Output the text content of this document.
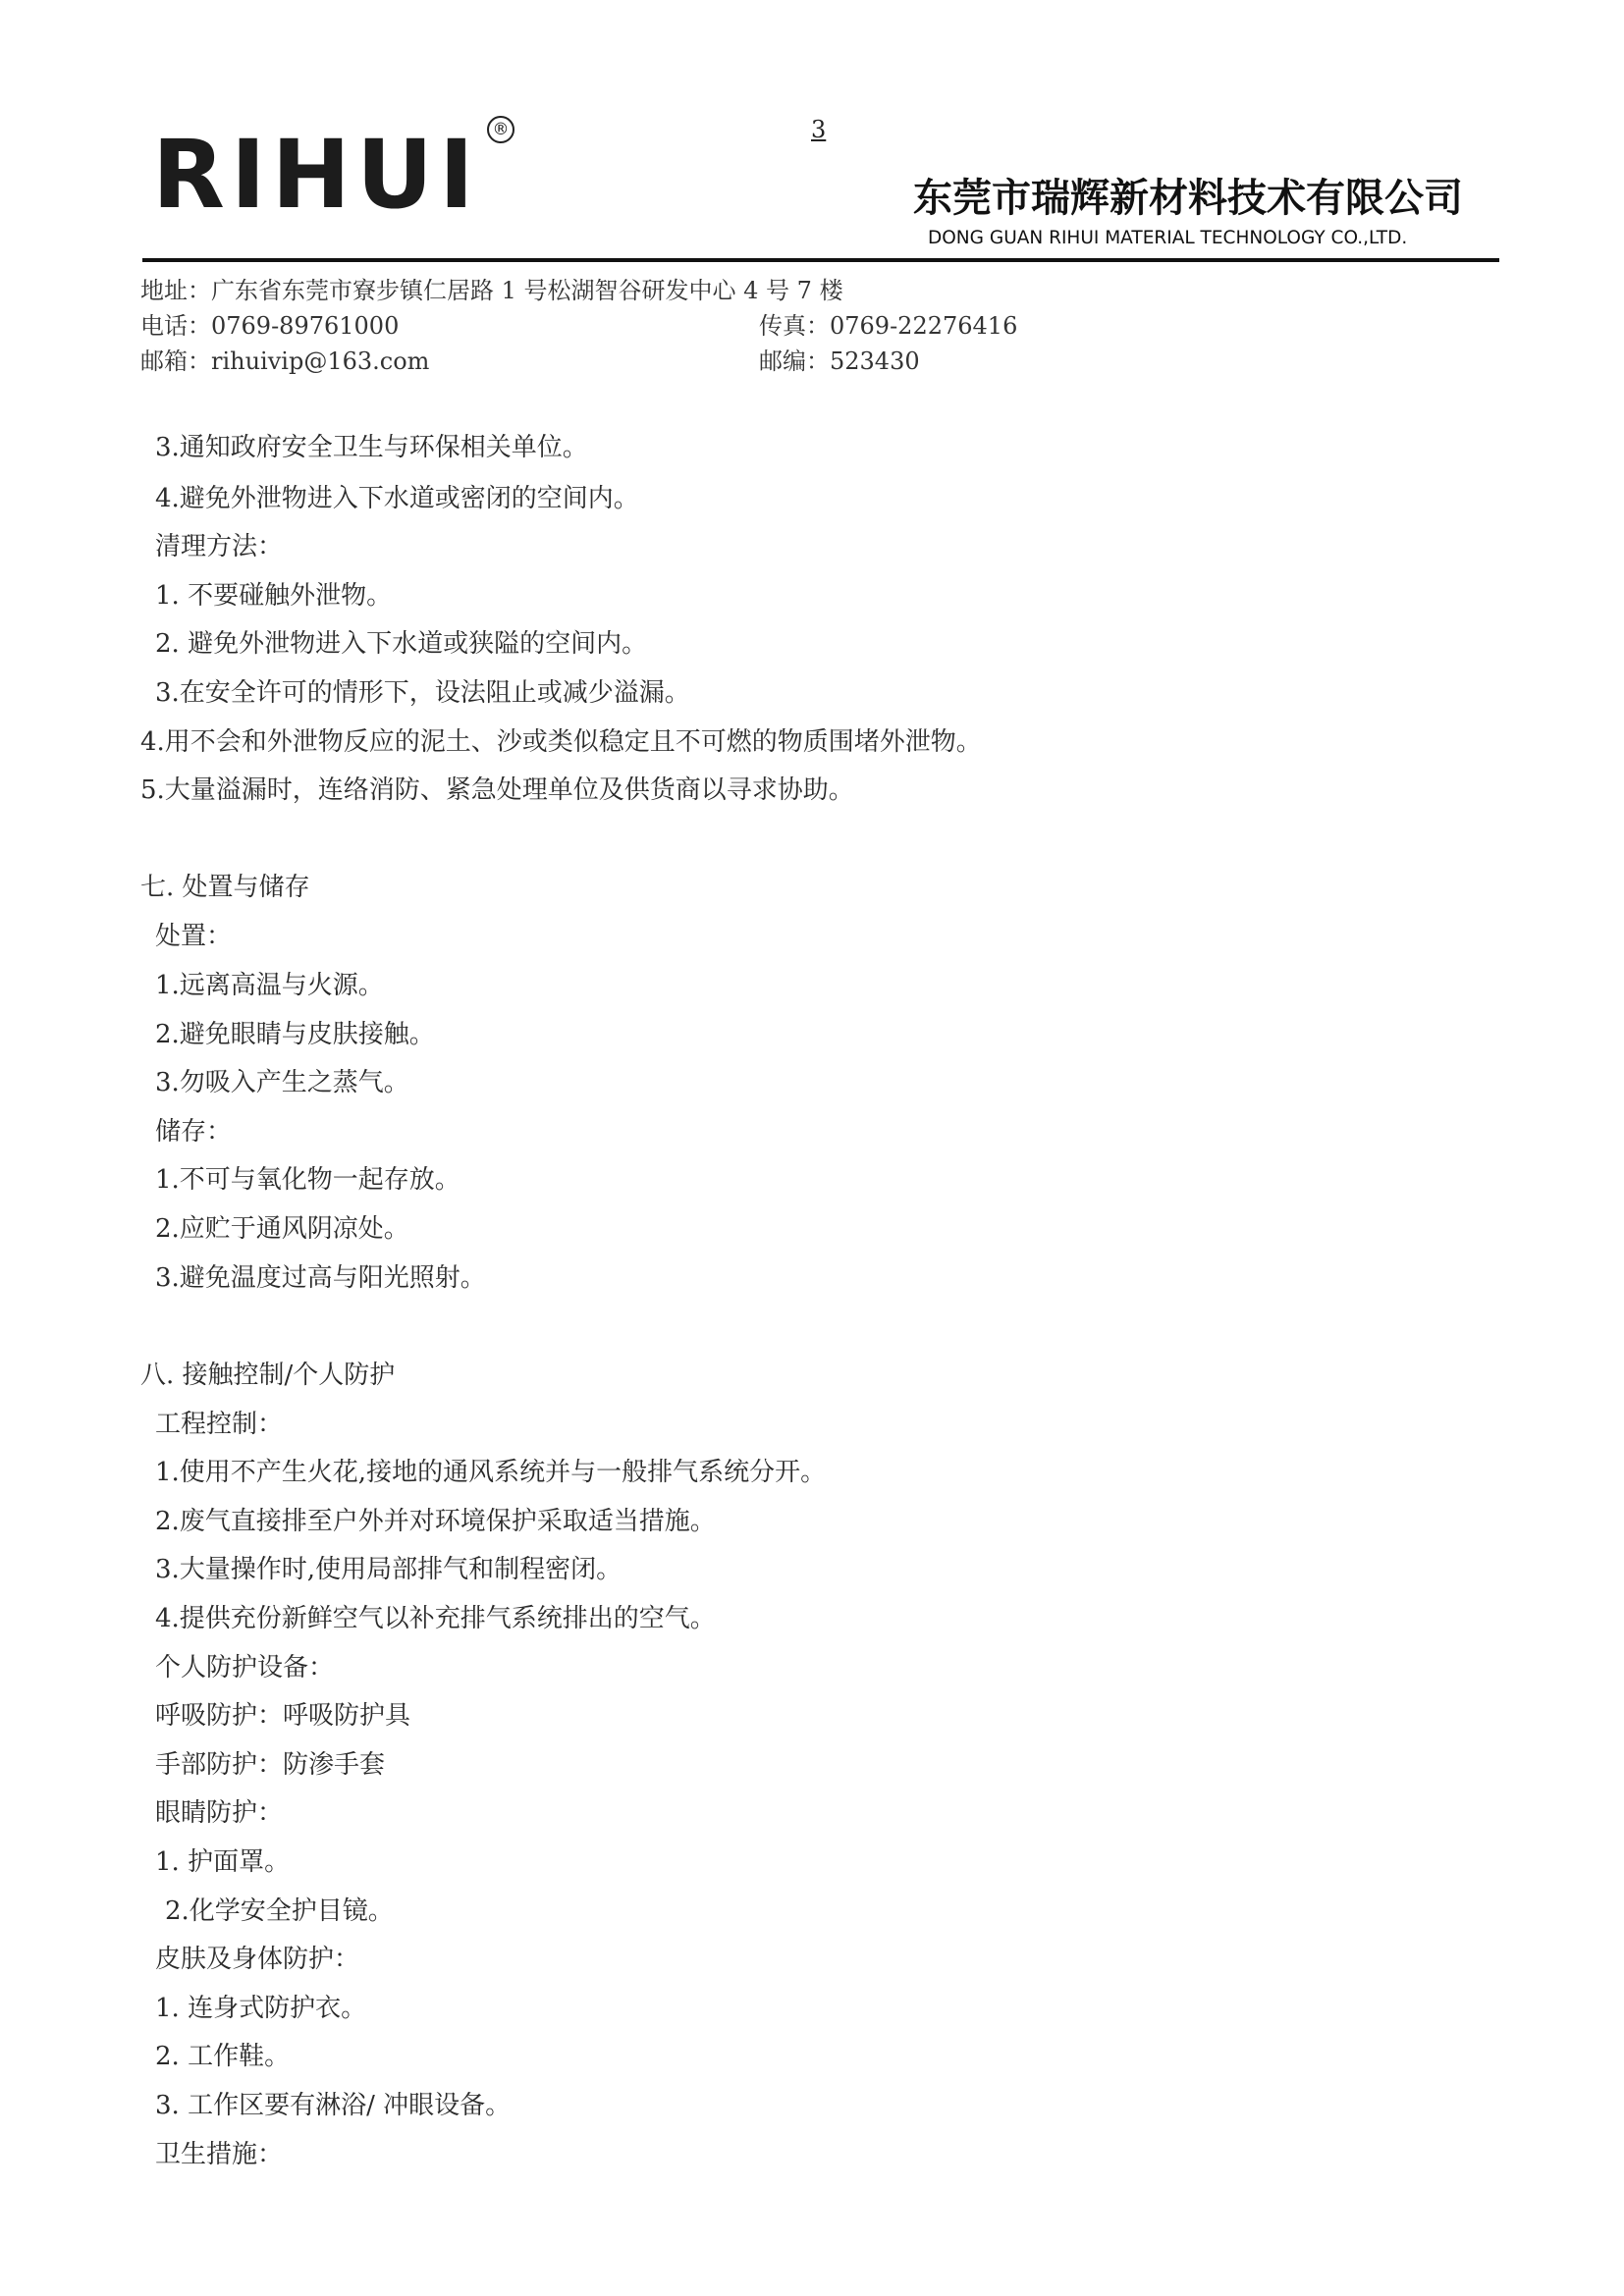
3
RIHUI ®
东莞市瑞辉新材料技术有限公司
DONG GUAN RIHUI MATERIAL TECHNOLOGY CO.,LTD.
地址：广东省东莞市寮步镇仁居路 1 号松湖智谷研发中心 4 号 7 楼
电话：0769-89761000	传真：0769-22276416
邮箱：rihuivip@163.com	邮编：523430
3.通知政府安全卫生与环保相关单位。
4.避免外泄物进入下水道或密闭的空间内。
清理方法：
1. 不要碰触外泄物。
2. 避免外泄物进入下水道或狭隘的空间内。
3.在安全许可的情形下，设法阻止或减少溢漏。
4.用不会和外泄物反应的泥土、沙或类似稳定且不可燃的物质围堵外泄物。
5.大量溢漏时，连络消防、紧急处理单位及供货商以寻求协助。
七. 处置与储存
处置：
1.远离高温与火源。
2.避免眼睛与皮肤接触。
3.勿吸入产生之蒸气。
储存：
1.不可与氧化物一起存放。
2.应贮于通风阴凉处。
3.避免温度过高与阳光照射。
八. 接触控制/个人防护
工程控制：
1.使用不产生火花,接地的通风系统并与一般排气系统分开。
2.废气直接排至户外并对环境保护采取适当措施。
3.大量操作时,使用局部排气和制程密闭。
4.提供充份新鲜空气以补充排气系统排出的空气。
个人防护设备：
呼吸防护：呼吸防护具
手部防护：防渗手套
眼睛防护：
1. 护面罩。
2.化学安全护目镜。
皮肤及身体防护：
1. 连身式防护衣。
2. 工作鞋。
3. 工作区要有淋浴/ 冲眼设备。
卫生措施：
